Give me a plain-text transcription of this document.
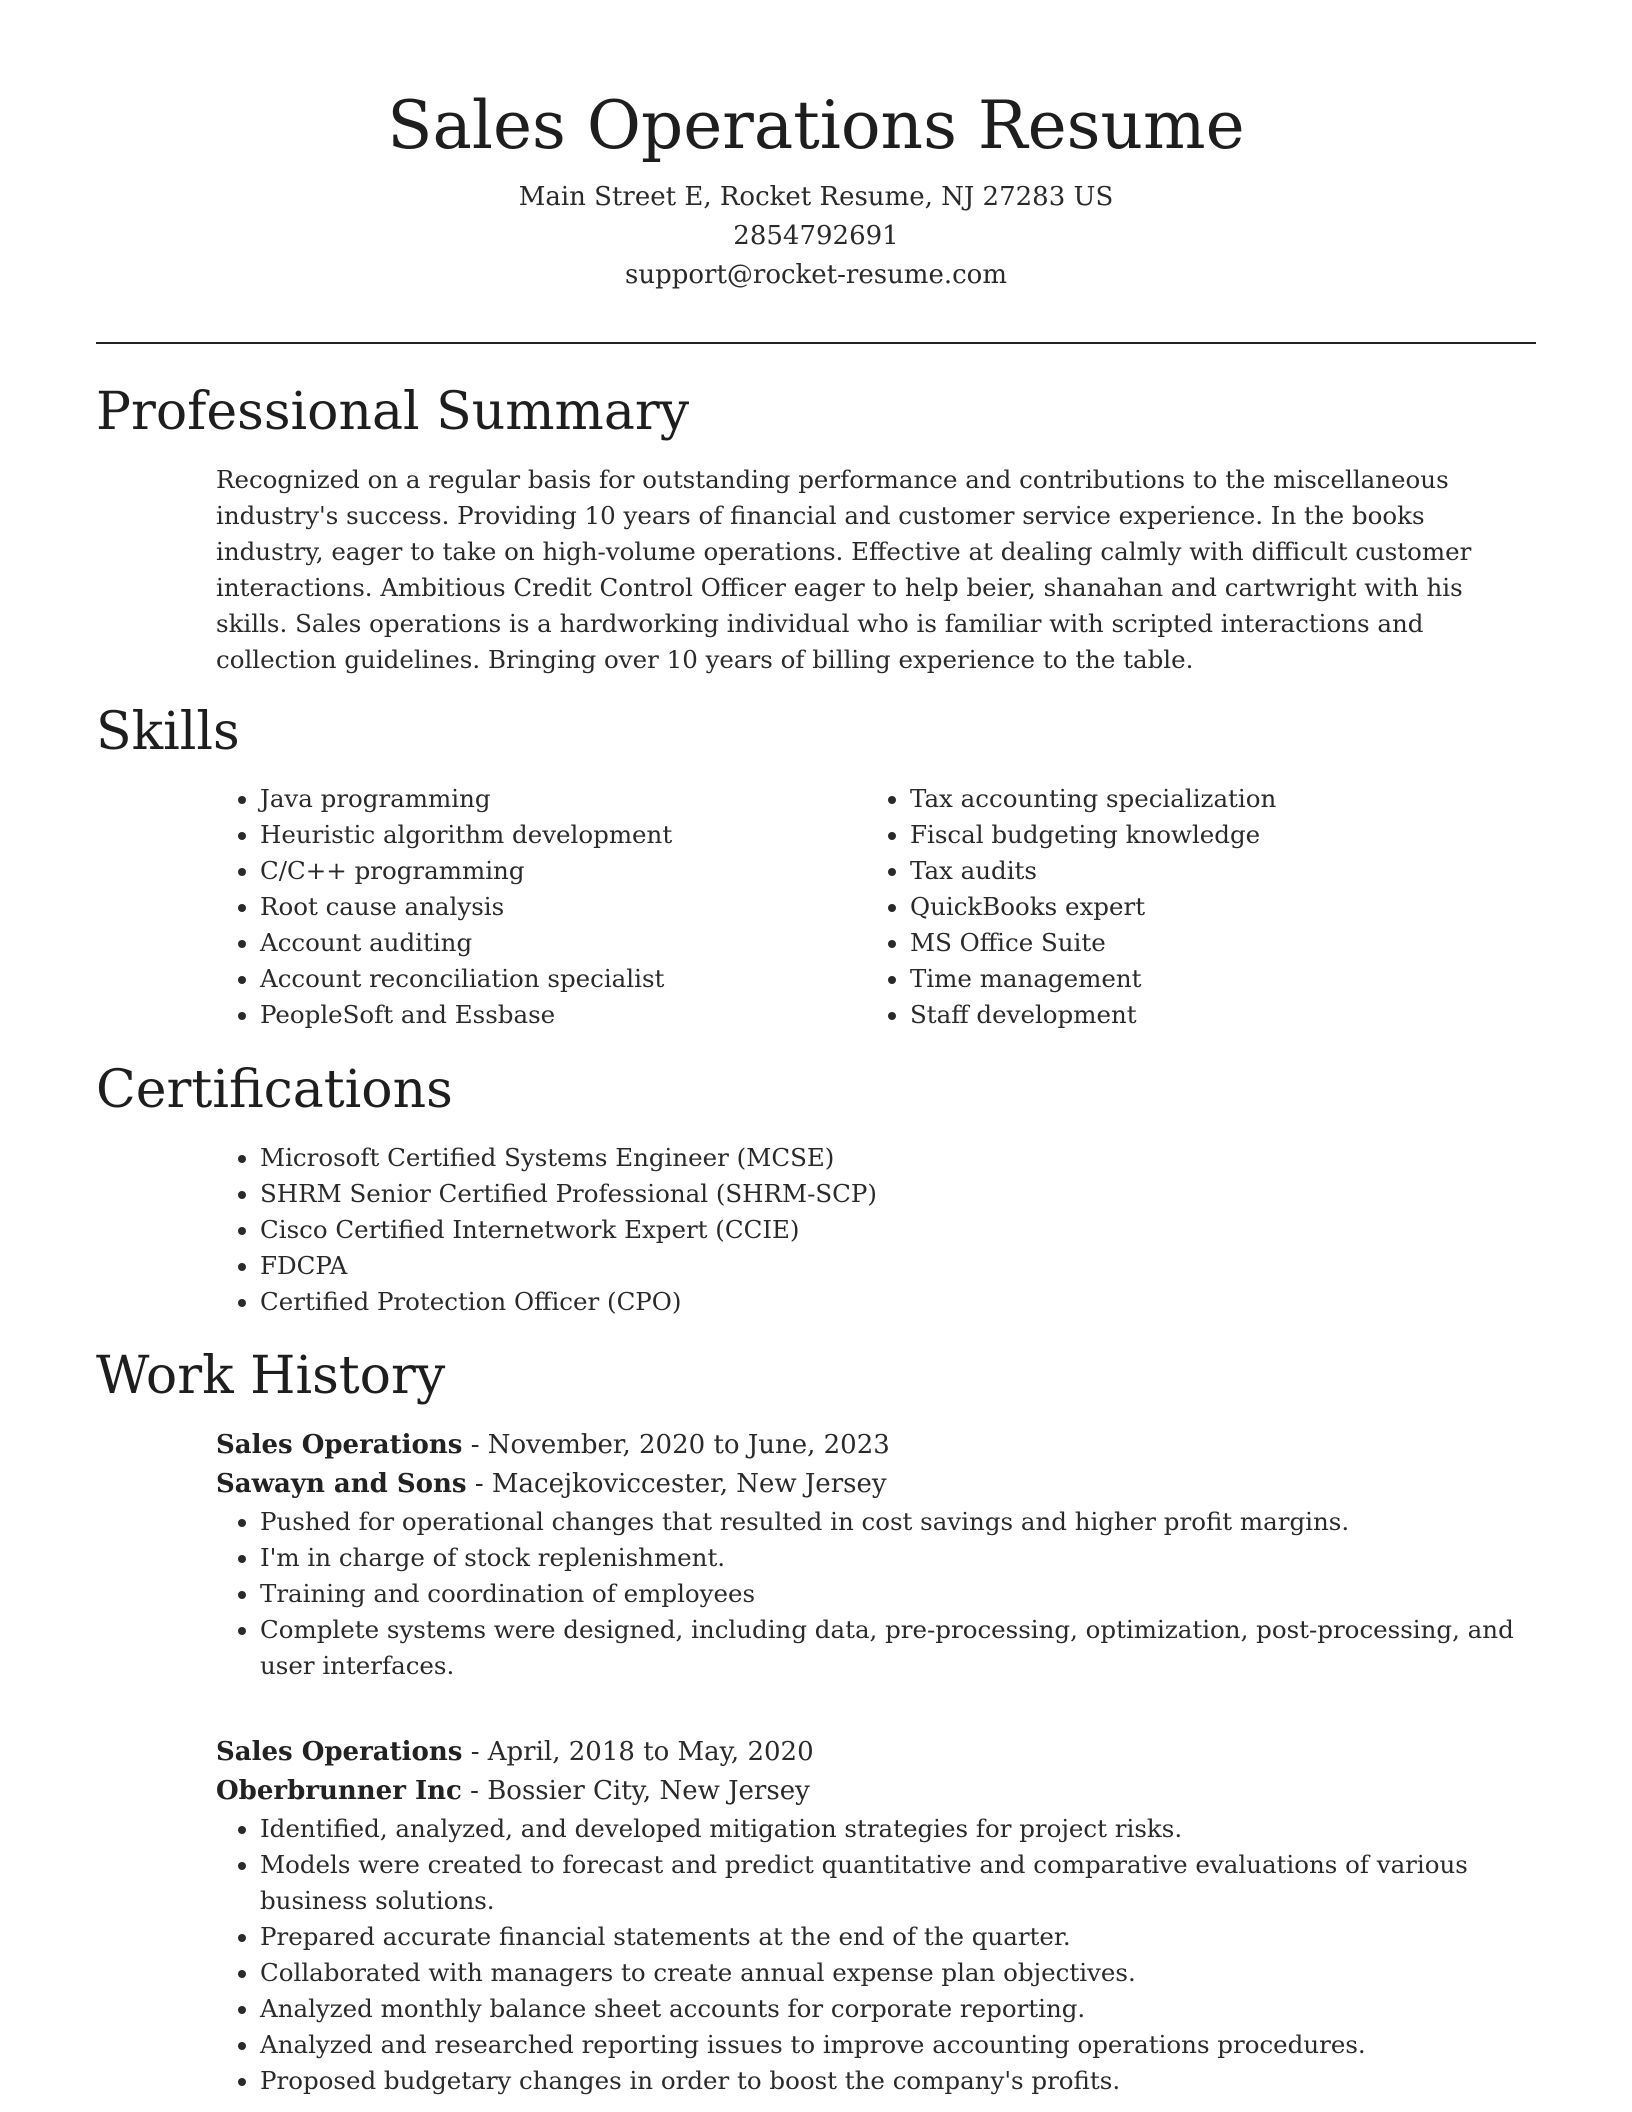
Sales Operations Resume
Main Street E, Rocket Resume, NJ 27283 US
2854792691
support@rocket-resume.com
Professional Summary

Recognized on a regular basis for outstanding performance and contributions to the miscellaneous industry's success. Providing 10 years of financial and customer service experience. In the books industry, eager to take on high-volume operations. Effective at dealing calmly with difficult customer interactions. Ambitious Credit Control Officer eager to help beier, shanahan and cartwright with his skills. Sales operations is a hardworking individual who is familiar with scripted interactions and collection guidelines. Bringing over 10 years of billing experience to the table.

Skills
• Java programming
• Heuristic algorithm development
• C/C++ programming
• Root cause analysis
• Account auditing
• Account reconciliation specialist
• PeopleSoft and Essbase
• Tax accounting specialization
• Fiscal budgeting knowledge
• Tax audits
• QuickBooks expert
• MS Office Suite
• Time management
• Staff development
Certifications
• Microsoft Certified Systems Engineer (MCSE)
• SHRM Senior Certified Professional (SHRM-SCP)
• Cisco Certified Internetwork Expert (CCIE)
• FDCPA
• Certified Protection Officer (CPO)
Work History
Sales Operations - November, 2020 to June, 2023
Sawayn and Sons - Macejkoviccester, New Jersey
• Pushed for operational changes that resulted in cost savings and higher profit margins.
• I'm in charge of stock replenishment.
• Training and coordination of employees
• Complete systems were designed, including data, pre-processing, optimization, post-processing, and user interfaces.
Sales Operations - April, 2018 to May, 2020
Oberbrunner Inc - Bossier City, New Jersey
• Identified, analyzed, and developed mitigation strategies for project risks.
• Models were created to forecast and predict quantitative and comparative evaluations of various business solutions.
• Prepared accurate financial statements at the end of the quarter.
• Collaborated with managers to create annual expense plan objectives.
• Analyzed monthly balance sheet accounts for corporate reporting.
• Analyzed and researched reporting issues to improve accounting operations procedures.
• Proposed budgetary changes in order to boost the company's profits.
